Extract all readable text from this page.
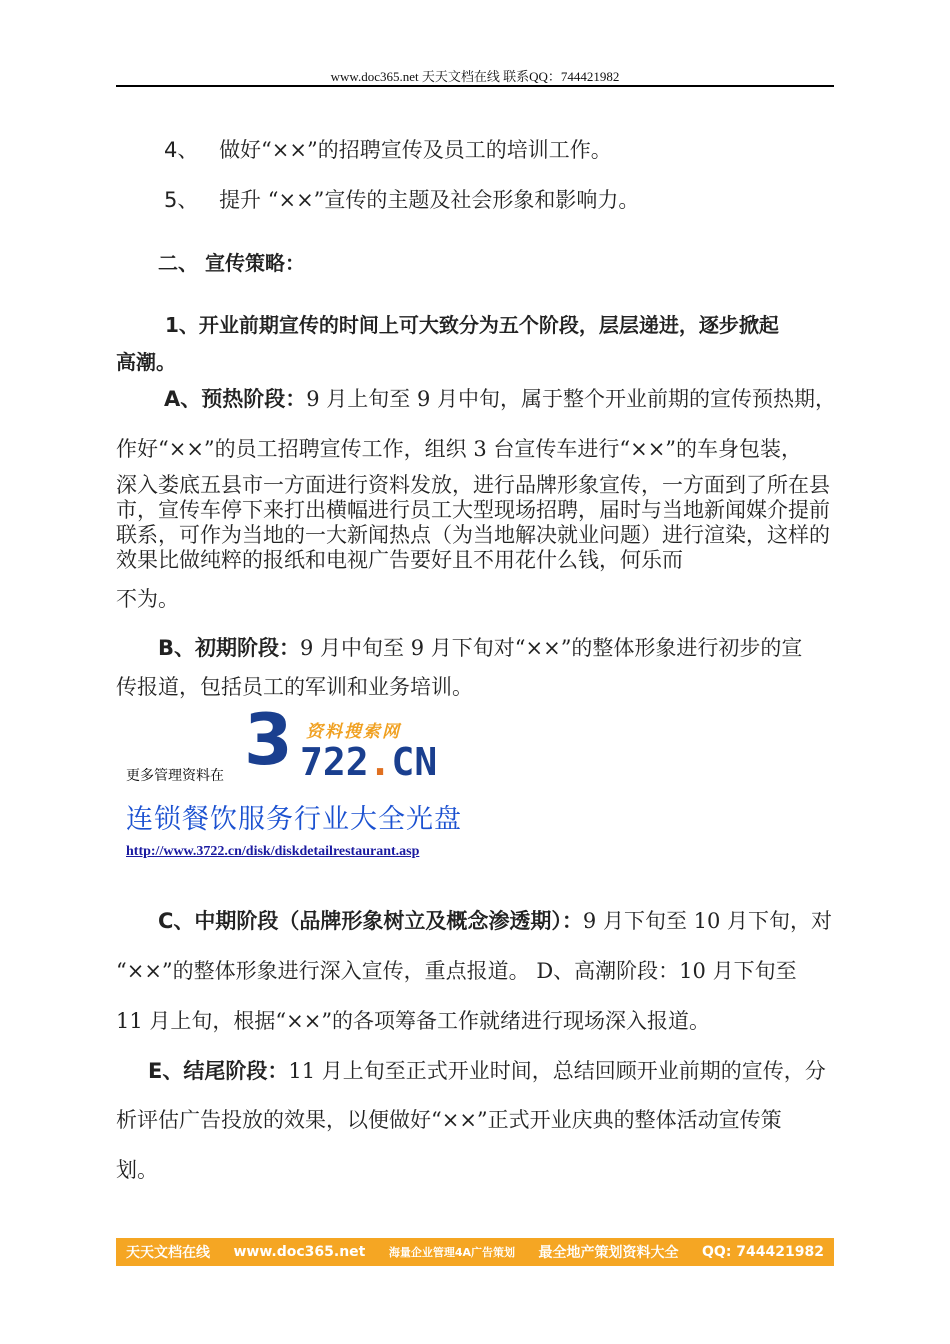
www.doc365.net 天天文档在线 联系QQ：744421982
4、 做好“××”的招聘宣传及员工的培训工作。
5、 提升 “××”宣传的主题及社会形象和影响力。
二、 宣传策略：
1、开业前期宣传的时间上可大致分为五个阶段，层层递进，逐步掀起
高潮。
A、预热阶段：9 月上旬至 9 月中旬，属于整个开业前期的宣传预热期，
作好“××”的员工招聘宣传工作，组织 3 台宣传车进行“××”的车身包装，
深入娄底五县市一方面进行资料发放，进行品牌形象宣传，一方面到了所在县市，宣传车停下来打出横幅进行员工大型现场招聘，届时与当地新闻媒介提前联系，可作为当地的一大新闻热点（为当地解决就业问题）进行渲染，这样的效果比做纯粹的报纸和电视广告要好且不用花什么钱，何乐而
不为。
B、初期阶段：9 月中旬至 9 月下旬对“××”的整体形象进行初步的宣
传报道，包括员工的军训和业务培训。
更多管理资料在 3 722.CN
资料搜索网
连锁餐饮服务行业大全光盘
http://www.3722.cn/disk/diskdetailrestaurant.asp
C、中期阶段（品牌形象树立及概念渗透期）：9 月下旬至 10 月下旬，对
“××”的整体形象进行深入宣传，重点报道。 D、高潮阶段：10 月下旬至
11 月上旬，根据“××”的各项筹备工作就绪进行现场深入报道。
E、结尾阶段：11 月上旬至正式开业时间，总结回顾开业前期的宣传，分
析评估广告投放的效果，以便做好“××”正式开业庆典的整体活动宣传策
划。
天天文档在线 www.doc365.net 海量企业管理4A广告策划 最全地产策划资料大全 QQ: 744421982
